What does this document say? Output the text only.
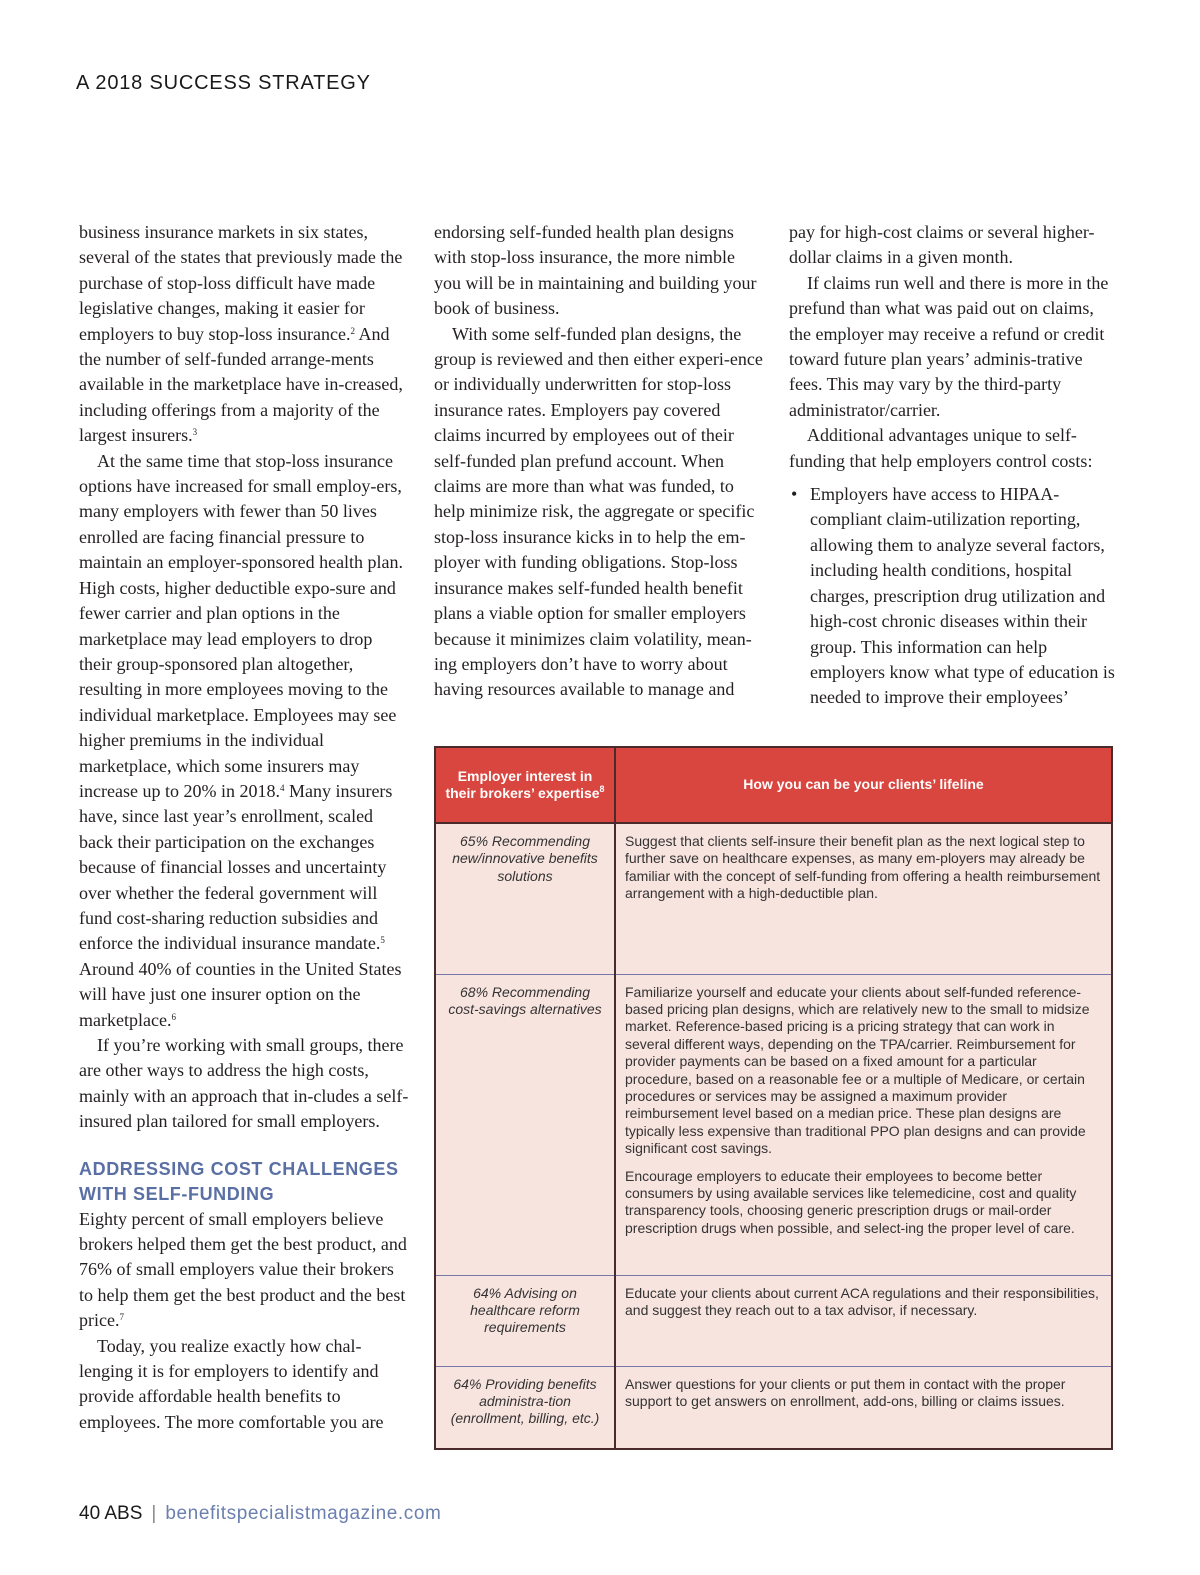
A 2018 SUCCESS STRATEGY

business insurance markets in six states, several of the states that previously made the purchase of stop-loss difficult have made legislative changes, making it easier for employers to buy stop-loss insurance.$^2$ And the number of self-funded arrange-ments available in the marketplace have in-creased, including offerings from a majority of the largest insurers.$^3$

At the same time that stop-loss insurance options have increased for small employ-ers, many employers with fewer than 50 lives enrolled are facing financial pressure to maintain an employer-sponsored health plan. High costs, higher deductible expo-sure and fewer carrier and plan options in the marketplace may lead employers to drop their group-sponsored plan altogether, resulting in more employees moving to the individual marketplace. Employees may see higher premiums in the individual marketplace, which some insurers may increase up to 20% in 2018.$^4$ Many insurers have, since last year’s enrollment, scaled back their participation on the exchanges because of financial losses and uncertainty over whether the federal government will fund cost-sharing reduction subsidies and enforce the individual insurance mandate.$^5$ Around 40% of counties in the United States will have just one insurer option on the marketplace.$^6$

If you’re working with small groups, there are other ways to address the high costs, mainly with an approach that in-cludes a self-insured plan tailored for small employers.

ADDRESSING COST CHALLENGES WITH SELF-FUNDING

Eighty percent of small employers believe brokers helped them get the best product, and 76% of small employers value their brokers to help them get the best product and the best price.$^7$

Today, you realize exactly how chal-lenging it is for employers to identify and provide affordable health benefits to employees. The more comfortable you are

endorsing self-funded health plan designs with stop-loss insurance, the more nimble you will be in maintaining and building your book of business.

With some self-funded plan designs, the group is reviewed and then either experi-ence or individually underwritten for stop-loss insurance rates. Employers pay covered claims incurred by employees out of their self-funded plan prefund account. When claims are more than what was funded, to help minimize risk, the aggregate or specific stop-loss insurance kicks in to help the em-ployer with funding obligations. Stop-loss insurance makes self-funded health benefit plans a viable option for smaller employers because it minimizes claim volatility, mean-ing employers don’t have to worry about having resources available to manage and

pay for high-cost claims or several higher-dollar claims in a given month.

If claims run well and there is more in the prefund than what was paid out on claims, the employer may receive a refund or credit toward future plan years’ adminis-trative fees. This may vary by the third-party administrator/carrier.

Additional advantages unique to self-funding that help employers control costs:

• Employers have access to HIPAA-compliant claim-utilization reporting, allowing them to analyze several factors, including health conditions, hospital charges, prescription drug utilization and high-cost chronic diseases within their group. This information can help employers know what type of education is needed to improve their employees’
Employer interest in their brokers’ expertise$^8$	How you can be your clients’ lifeline
65% Recommending new/innovative benefits solutions	Suggest that clients self-insure their benefit plan as the next logical step to further save on healthcare expenses, as many em-ployers may already be familiar with the concept of self-funding from offering a health reimbursement arrangement with a high-deductible plan.

68% Recommending cost-savings alternatives	Familiarize yourself and educate your clients about self-funded reference-based pricing plan designs, which are relatively new to the small to midsize market. Reference-based pricing is a pricing strategy that can work in several different ways, depending on the TPA/carrier. Reimbursement for provider payments can be based on a fixed amount for a particular procedure, based on a reasonable fee or a multiple of Medicare, or certain procedures or services may be assigned a maximum provider reimbursement level based on a median price. These plan designs are typically less expensive than traditional PPO plan designs and can provide significant cost savings.

Encourage employers to educate their employees to become better consumers by using available services like telemedicine, cost and quality transparency tools, choosing generic prescription drugs or mail-order prescription drugs when possible, and select-ing the proper level of care.

64% Advising on healthcare reform requirements	Educate your clients about current ACA regulations and their responsibilities, and suggest they reach out to a tax advisor, if necessary.

64% Providing benefits administra-tion (enrollment, billing, etc.)	Answer questions for your clients or put them in contact with the proper support to get answers on enrollment, add-ons, billing or claims issues.

40 ABS | benefitspecialistmagazine.com
